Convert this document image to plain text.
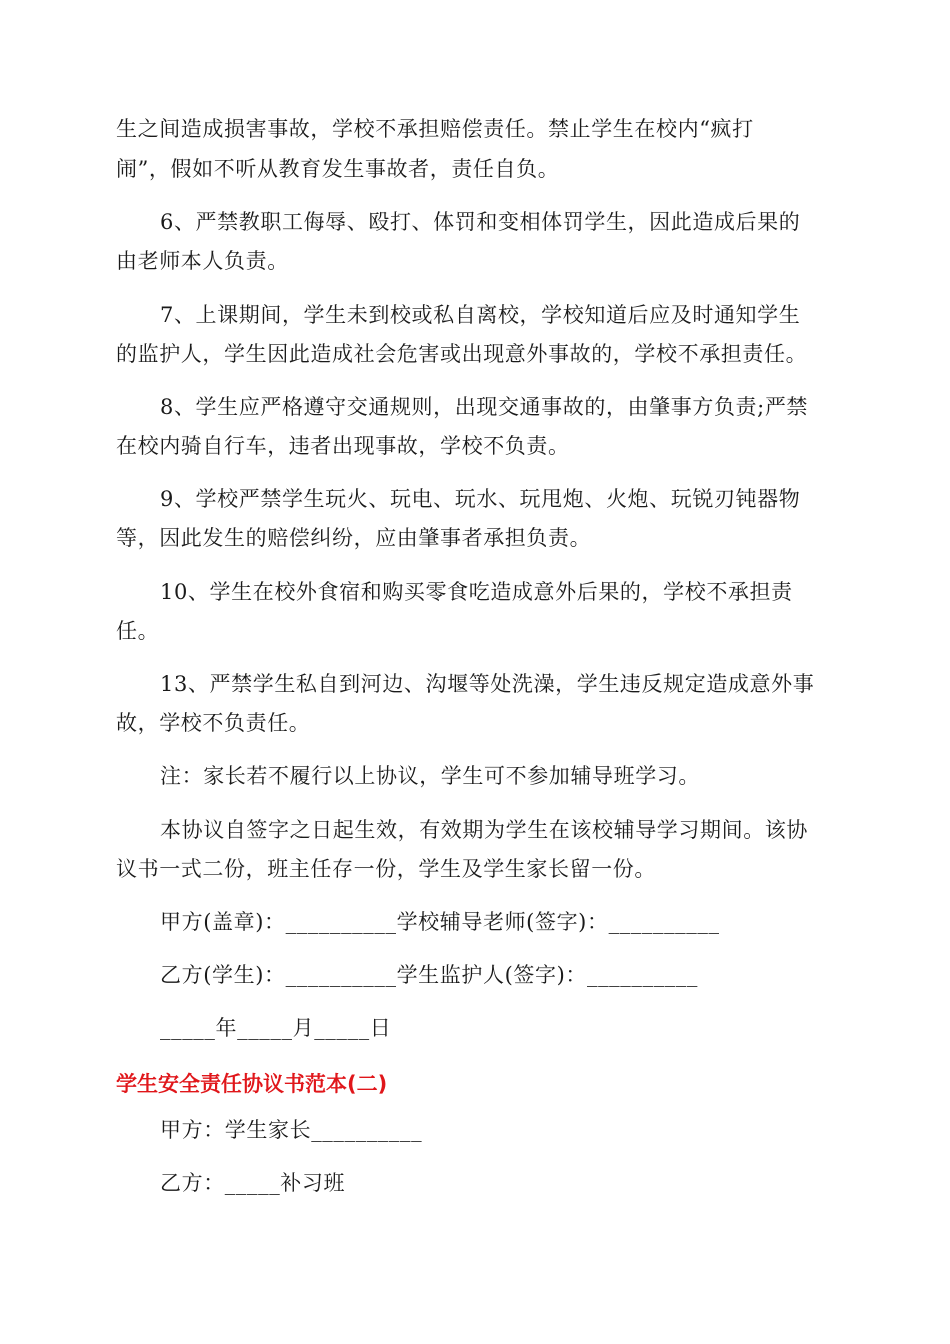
生之间造成损害事故，学校不承担赔偿责任。禁止学生在校内“疯打
闹”，假如不听从教育发生事故者，责任自负。
6、严禁教职工侮辱、殴打、体罚和变相体罚学生，因此造成后果的
由老师本人负责。
7、上课期间，学生未到校或私自离校，学校知道后应及时通知学生
的监护人，学生因此造成社会危害或出现意外事故的，学校不承担责任。
8、学生应严格遵守交通规则，出现交通事故的，由肇事方负责;严禁
在校内骑自行车，违者出现事故，学校不负责。
9、学校严禁学生玩火、玩电、玩水、玩甩炮、火炮、玩锐刃钝器物
等，因此发生的赔偿纠纷，应由肇事者承担负责。
10、学生在校外食宿和购买零食吃造成意外后果的，学校不承担责
任。
13、严禁学生私自到河边、沟堰等处洗澡，学生违反规定造成意外事
故，学校不负责任。
注：家长若不履行以上协议，学生可不参加辅导班学习。
本协议自签字之日起生效，有效期为学生在该校辅导学习期间。该协
议书一式二份，班主任存一份，学生及学生家长留一份。
甲方(盖章)：__________学校辅导老师(签字)：__________
乙方(学生)：__________学生监护人(签字)：__________
_____年_____月_____日
学生安全责任协议书范本(二)
甲方：学生家长__________
乙方：_____补习班
